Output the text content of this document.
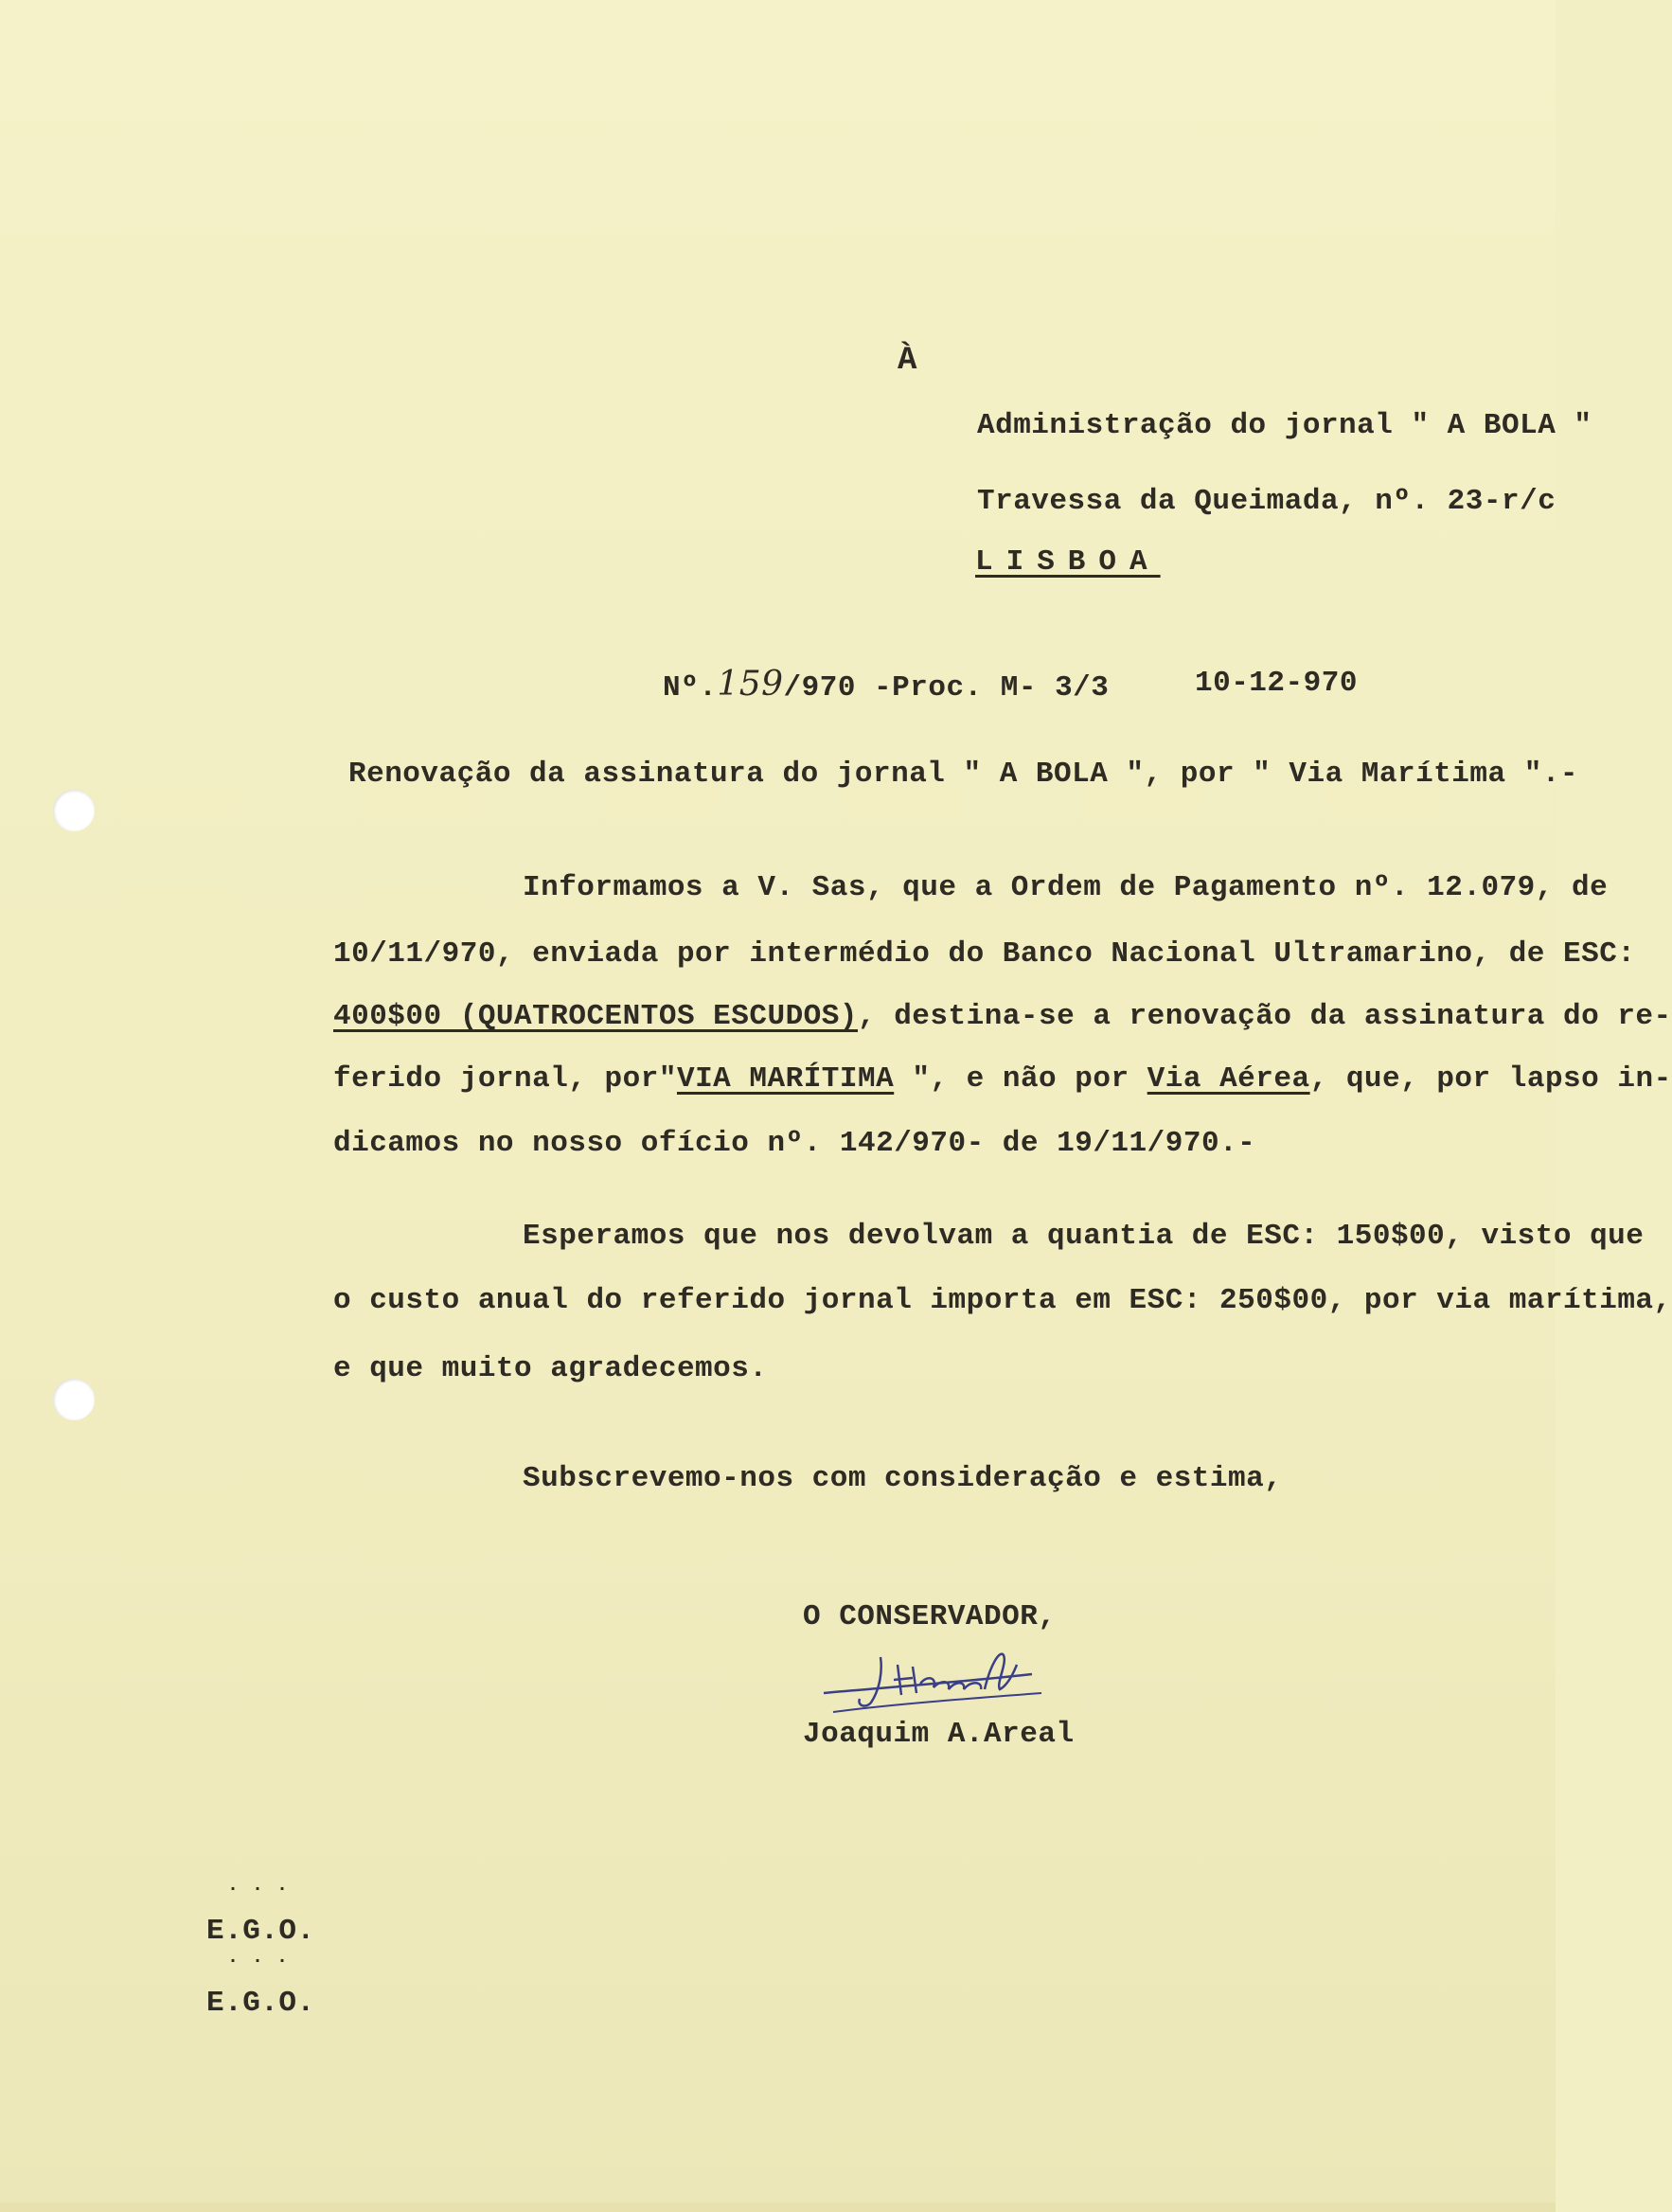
À
Administração do jornal " A BOLA "
Travessa da Queimada, nº. 23-r/c
LISBOA
Nº.159/970 -Proc. M- 3/3	10-12-970
Renovação da assinatura do jornal " A BOLA ", por " Via Marítima ".-
Informamos a V. Sas, que a Ordem de Pagamento nº. 12.079, de
10/11/970, enviada por intermédio do Banco Nacional Ultramarino, de ESC:
400$00 (QUATROCENTOS ESCUDOS), destina-se a renovação da assinatura do re-
ferido jornal, por"VIA MARÍTIMA ", e não por Via Aérea, que, por lapso in-
dicamos no nosso ofício nº. 142/970- de 19/11/970.-
Esperamos que nos devolvam a quantia de ESC: 150$00, visto que
o custo anual do referido jornal importa em ESC: 250$00, por via marítima,
e que muito agradecemos.
Subscrevemo-nos com consideração e estima,
O CONSERVADOR,
Joaquim A.Areal
···
E.G.O.
···
E.G.O.
